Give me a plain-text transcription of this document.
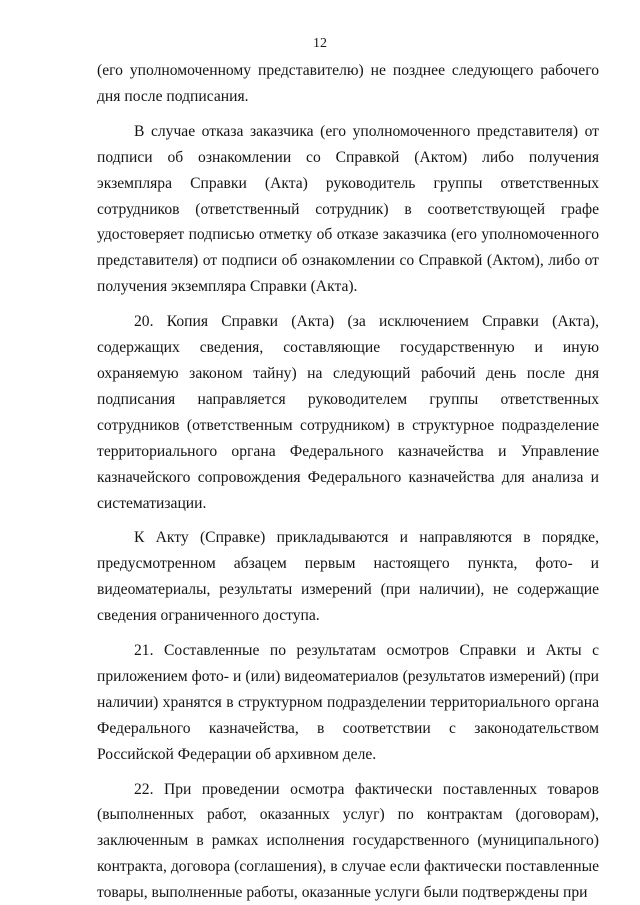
12

(его уполномоченному представителю) не позднее следующего рабочего дня после подписания.

В случае отказа заказчика (его уполномоченного представителя) от подписи об ознакомлении со Справкой (Актом) либо получения экземпляра Справки (Акта) руководитель группы ответственных сотрудников (ответственный сотрудник) в соответствующей графе удостоверяет подписью отметку об отказе заказчика (его уполномоченного представителя) от подписи об ознакомлении со Справкой (Актом), либо от получения экземпляра Справки (Акта).

20. Копия Справки (Акта) (за исключением Справки (Акта), содержащих сведения, составляющие государственную и иную охраняемую законом тайну) на следующий рабочий день после дня подписания направляется руководителем группы ответственных сотрудников (ответственным сотрудником) в структурное подразделение территориального органа Федерального казначейства и Управление казначейского сопровождения Федерального казначейства для анализа и систематизации.

К Акту (Справке) прикладываются и направляются в порядке, предусмотренном абзацем первым настоящего пункта, фото- и видеоматериалы, результаты измерений (при наличии), не содержащие сведения ограниченного доступа.

21. Составленные по результатам осмотров Справки и Акты с приложением фото- и (или) видеоматериалов (результатов измерений) (при наличии) хранятся в структурном подразделении территориального органа Федерального казначейства, в соответствии с законодательством Российской Федерации об архивном деле.

22. При проведении осмотра фактически поставленных товаров (выполненных работ, оказанных услуг) по контрактам (договорам), заключенным в рамках исполнения государственного (муниципального) контракта, договора (соглашения), в случае если фактически поставленные товары, выполненные работы, оказанные услуги были подтверждены при
